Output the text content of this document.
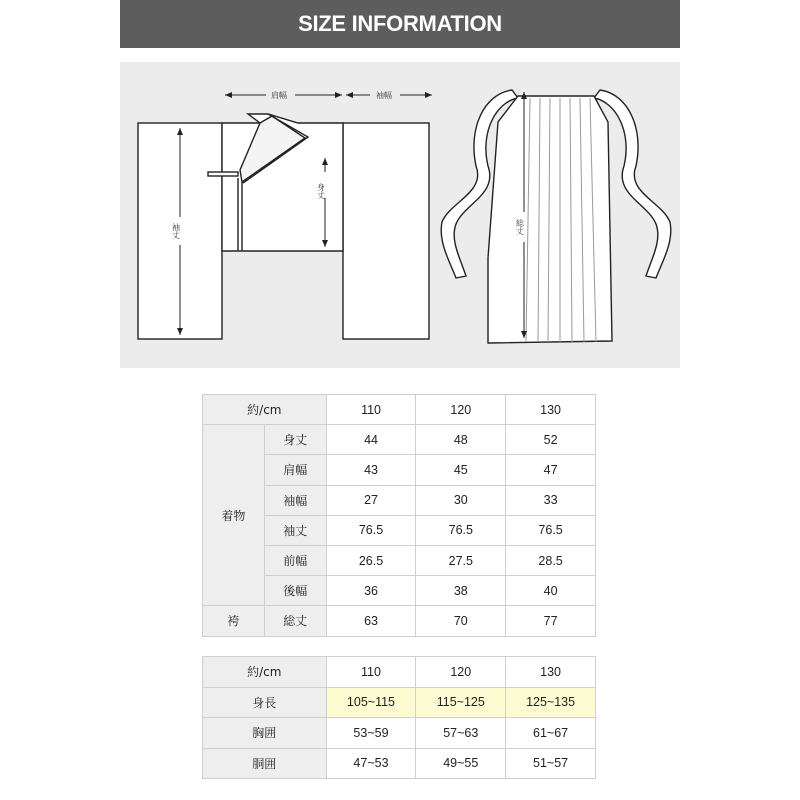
SIZE INFORMATION
肩幅	袖幅
身丈
袖丈	総丈
約/cm		110	120	130
着物	身丈	44	48	52
	肩幅	43	45	47
	袖幅	27	30	33
	袖丈	76.5	76.5	76.5
	前幅	26.5	27.5	28.5
	後幅	36	38	40
袴	総丈	63	70	77
約/cm	110	120	130
身長	105~115	115~125	125~135
胸囲	53~59	57~63	61~67
胴囲	47~53	49~55	51~57
